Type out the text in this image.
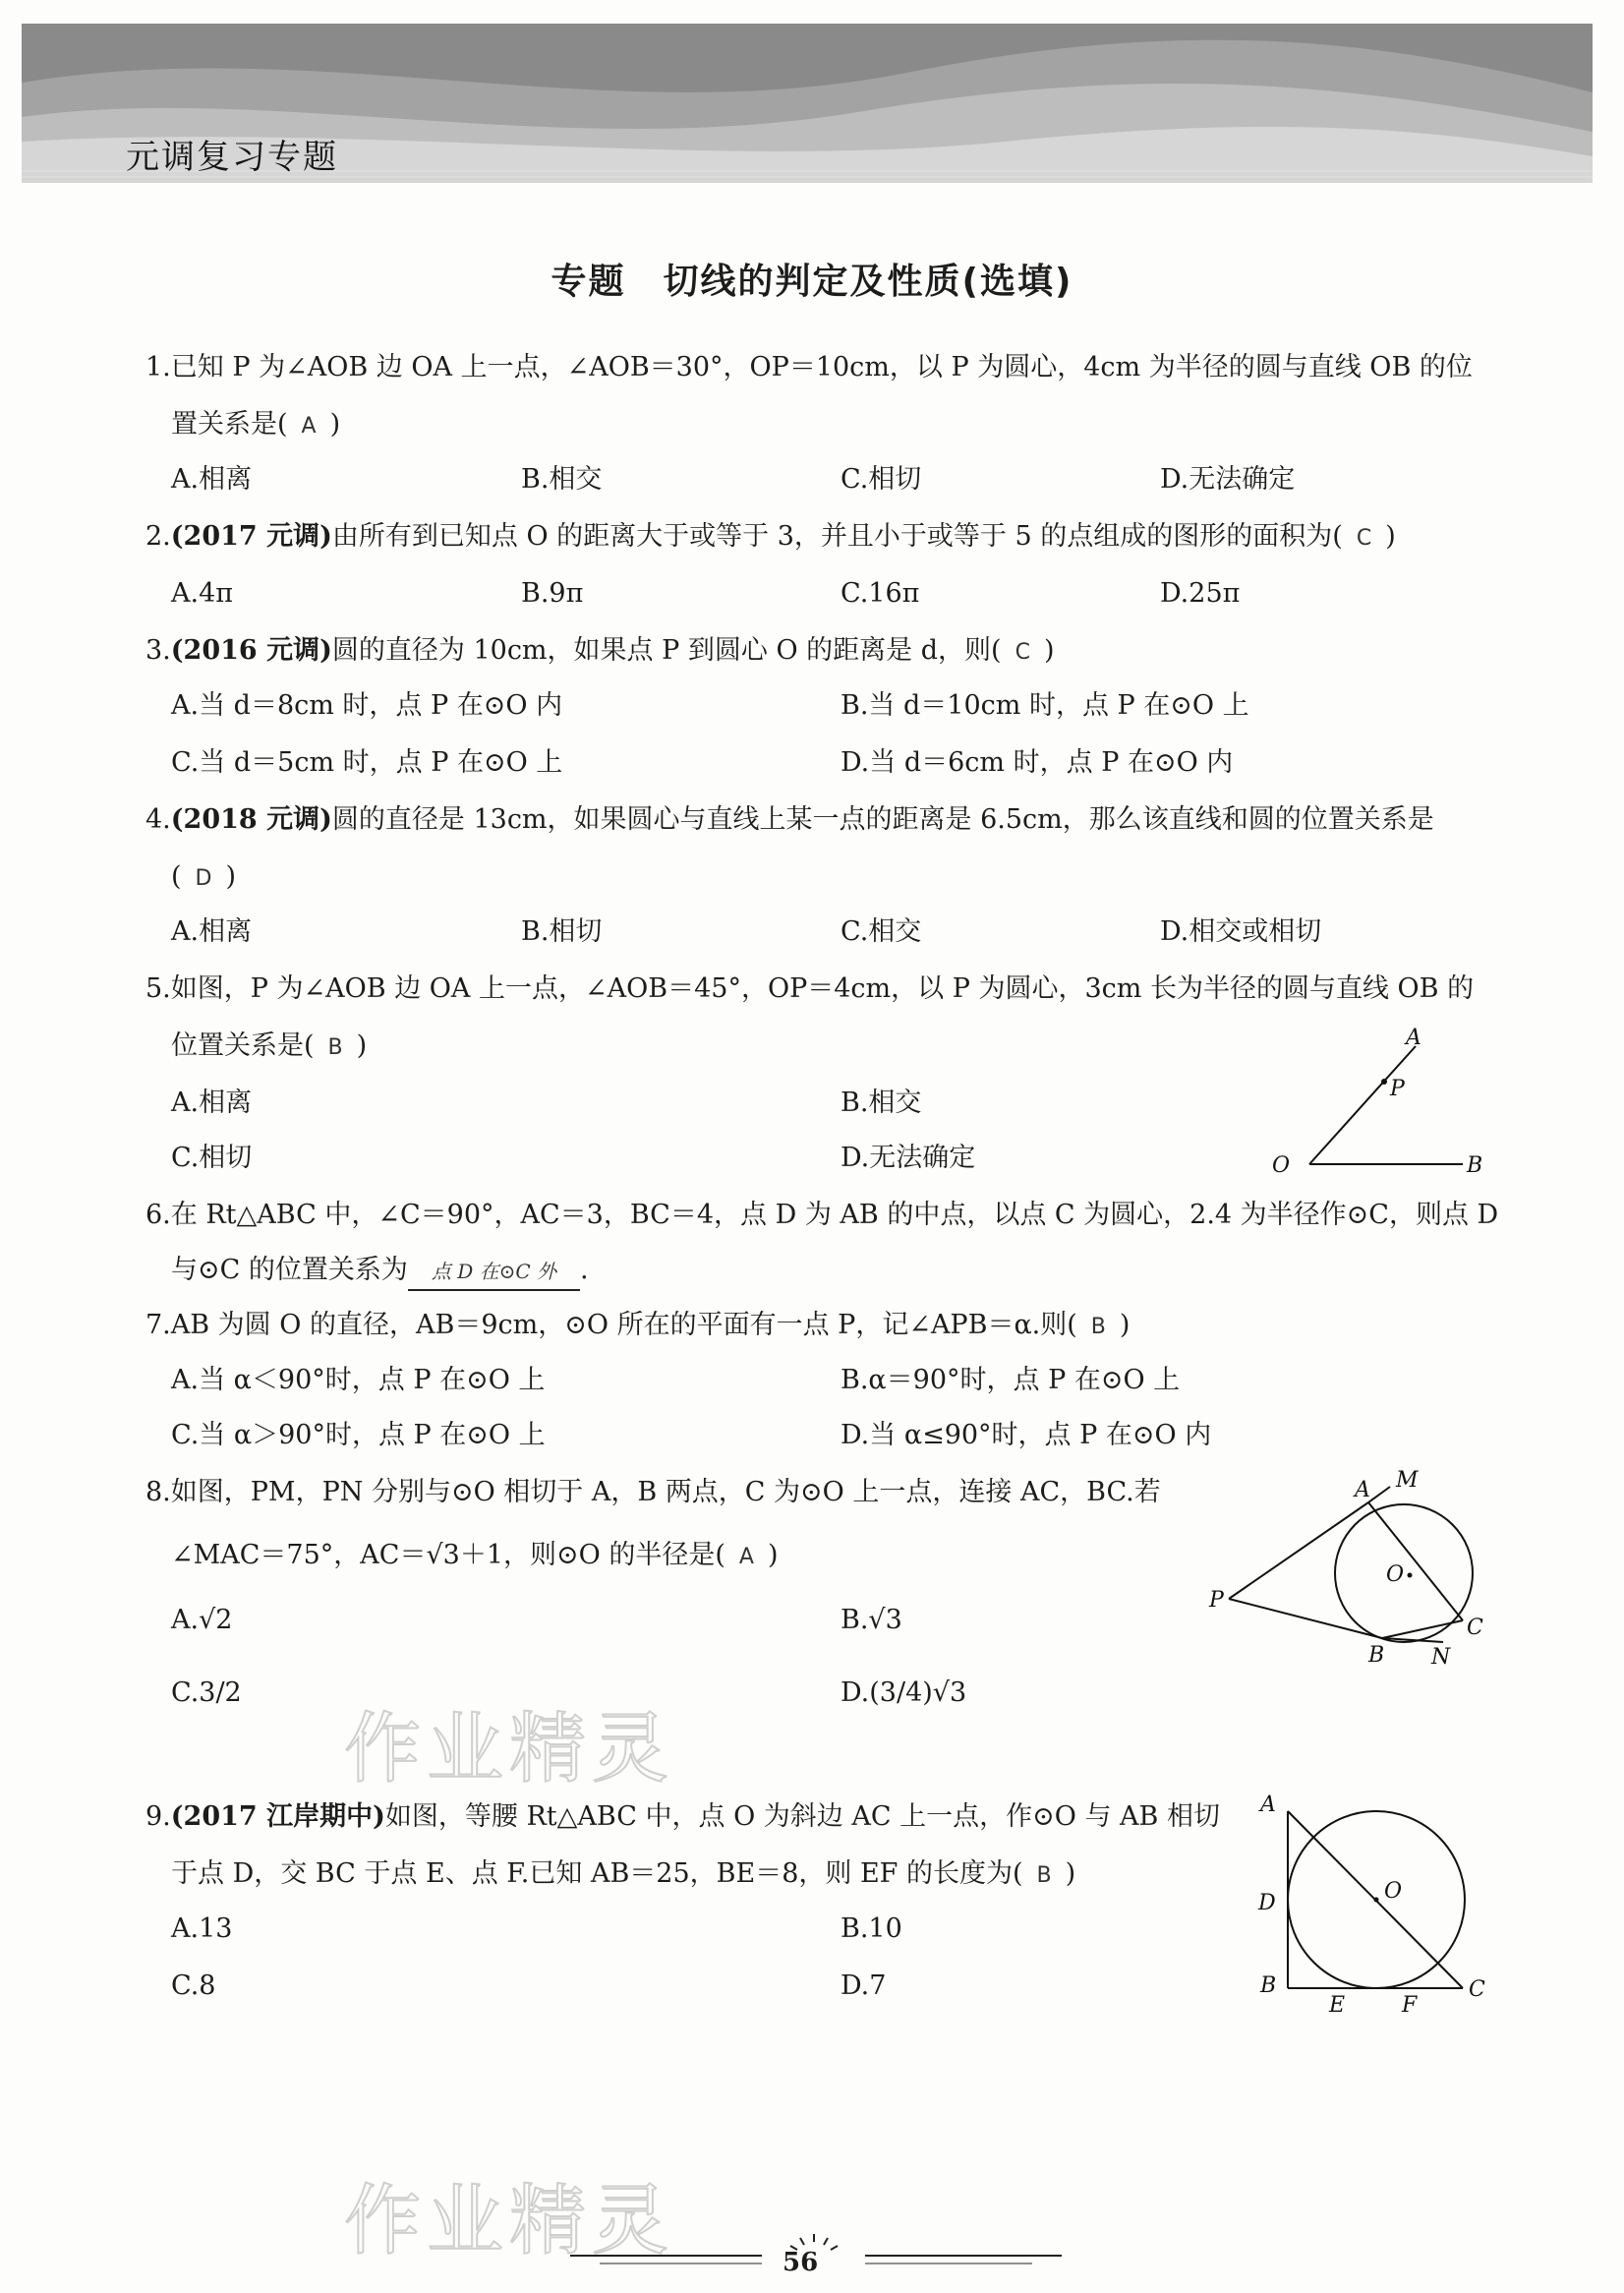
元调复习专题
专题　切线的判定及性质(选填)
1.已知 P 为∠AOB 边 OA 上一点，∠AOB＝30°，OP＝10cm，以 P 为圆心，4cm 为半径的圆与直线 OB 的位
置关系是( A )
A.相离	B.相交	C.相切	D.无法确定
2.(2017 元调)由所有到已知点 O 的距离大于或等于 3，并且小于或等于 5 的点组成的图形的面积为( C )
A.4π	B.9π	C.16π	D.25π
3.(2016 元调)圆的直径为 10cm，如果点 P 到圆心 O 的距离是 d，则( C )
A.当 d＝8cm 时，点 P 在⊙O 内	B.当 d＝10cm 时，点 P 在⊙O 上
C.当 d＝5cm 时，点 P 在⊙O 上	D.当 d＝6cm 时，点 P 在⊙O 内
4.(2018 元调)圆的直径是 13cm，如果圆心与直线上某一点的距离是 6.5cm，那么该直线和圆的位置关系是
( D )
A.相离	B.相切	C.相交	D.相交或相切
5.如图，P 为∠AOB 边 OA 上一点，∠AOB＝45°，OP＝4cm，以 P 为圆心，3cm 长为半径的圆与直线 OB 的
位置关系是( B )
A.相离	B.相交
C.相切	D.无法确定
A
P
O	B
6.在 Rt△ABC 中，∠C＝90°，AC＝3，BC＝4，点 D 为 AB 的中点，以点 C 为圆心，2.4 为半径作⊙C，则点 D
与⊙C 的位置关系为 点 D 在⊙C 外 .
7.AB 为圆 O 的直径，AB＝9cm，⊙O 所在的平面有一点 P，记∠APB＝α.则( B )
A.当 α＜90°时，点 P 在⊙O 上	B.α＝90°时，点 P 在⊙O 上
C.当 α＞90°时，点 P 在⊙O 上	D.当 α≤90°时，点 P 在⊙O 内
8.如图，PM，PN 分别与⊙O 相切于 A，B 两点，C 为⊙O 上一点，连接 AC，BC.若
∠MAC＝75°，AC＝√3＋1，则⊙O 的半径是( A )
A.√2	B.√3
C.3/2	D.(3/4)√3
A M
O
P
B N
C
9.(2017 江岸期中)如图，等腰 Rt△ABC 中，点 O 为斜边 AC 上一点，作⊙O 与 AB 相切
于点 D，交 BC 于点 E、点 F.已知 AB＝25，BE＝8，则 EF 的长度为( B )
A.13	B.10
C.8	D.7
A
D	O
B
E	F
C
作业精灵
作业精灵	56
